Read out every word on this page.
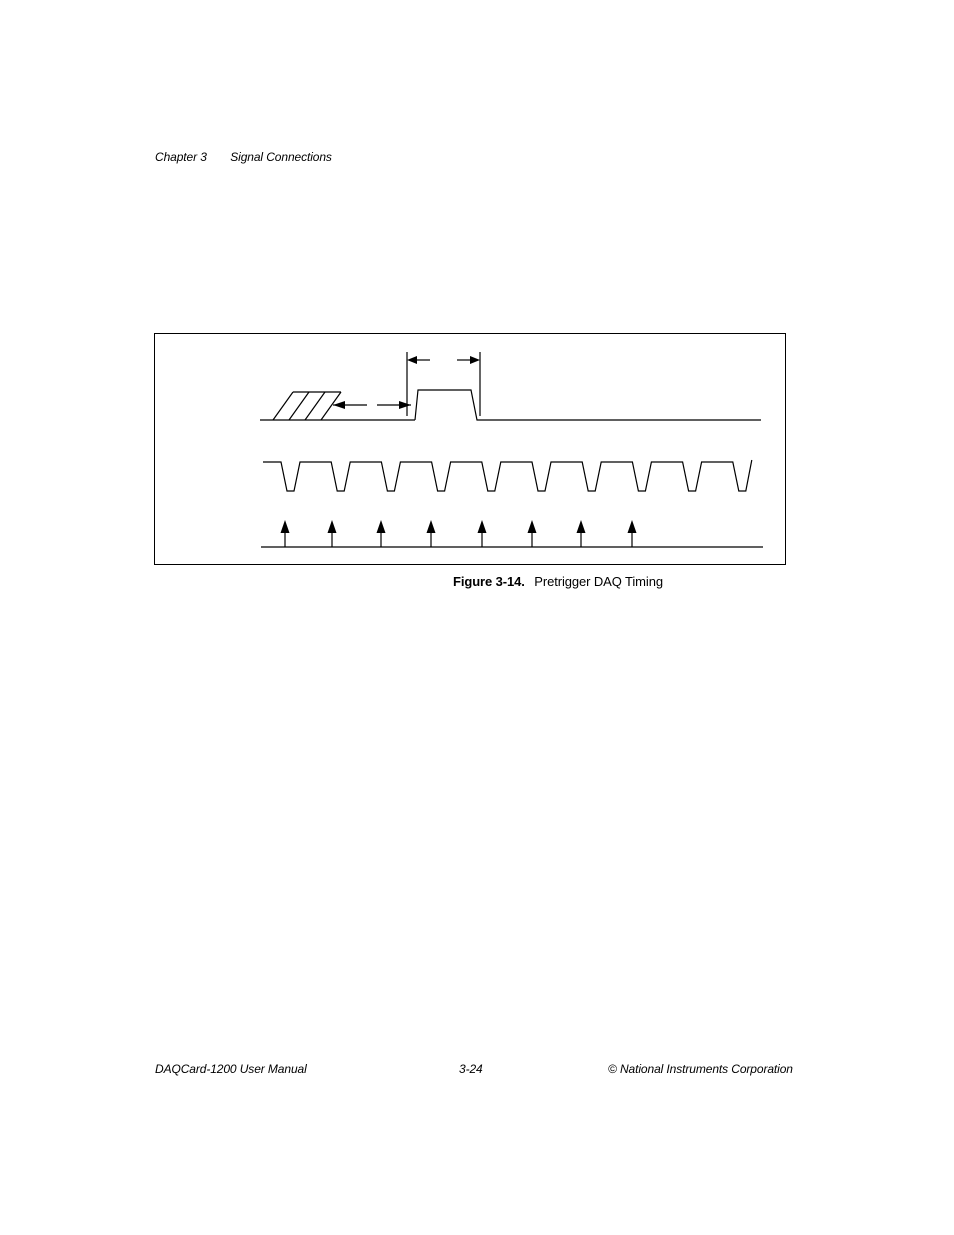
Chapter 3 Signal Connections
Figure 3-14. Pretrigger DAQ Timing
DAQCard-1200 User Manual	3-24	© National Instruments Corporation
